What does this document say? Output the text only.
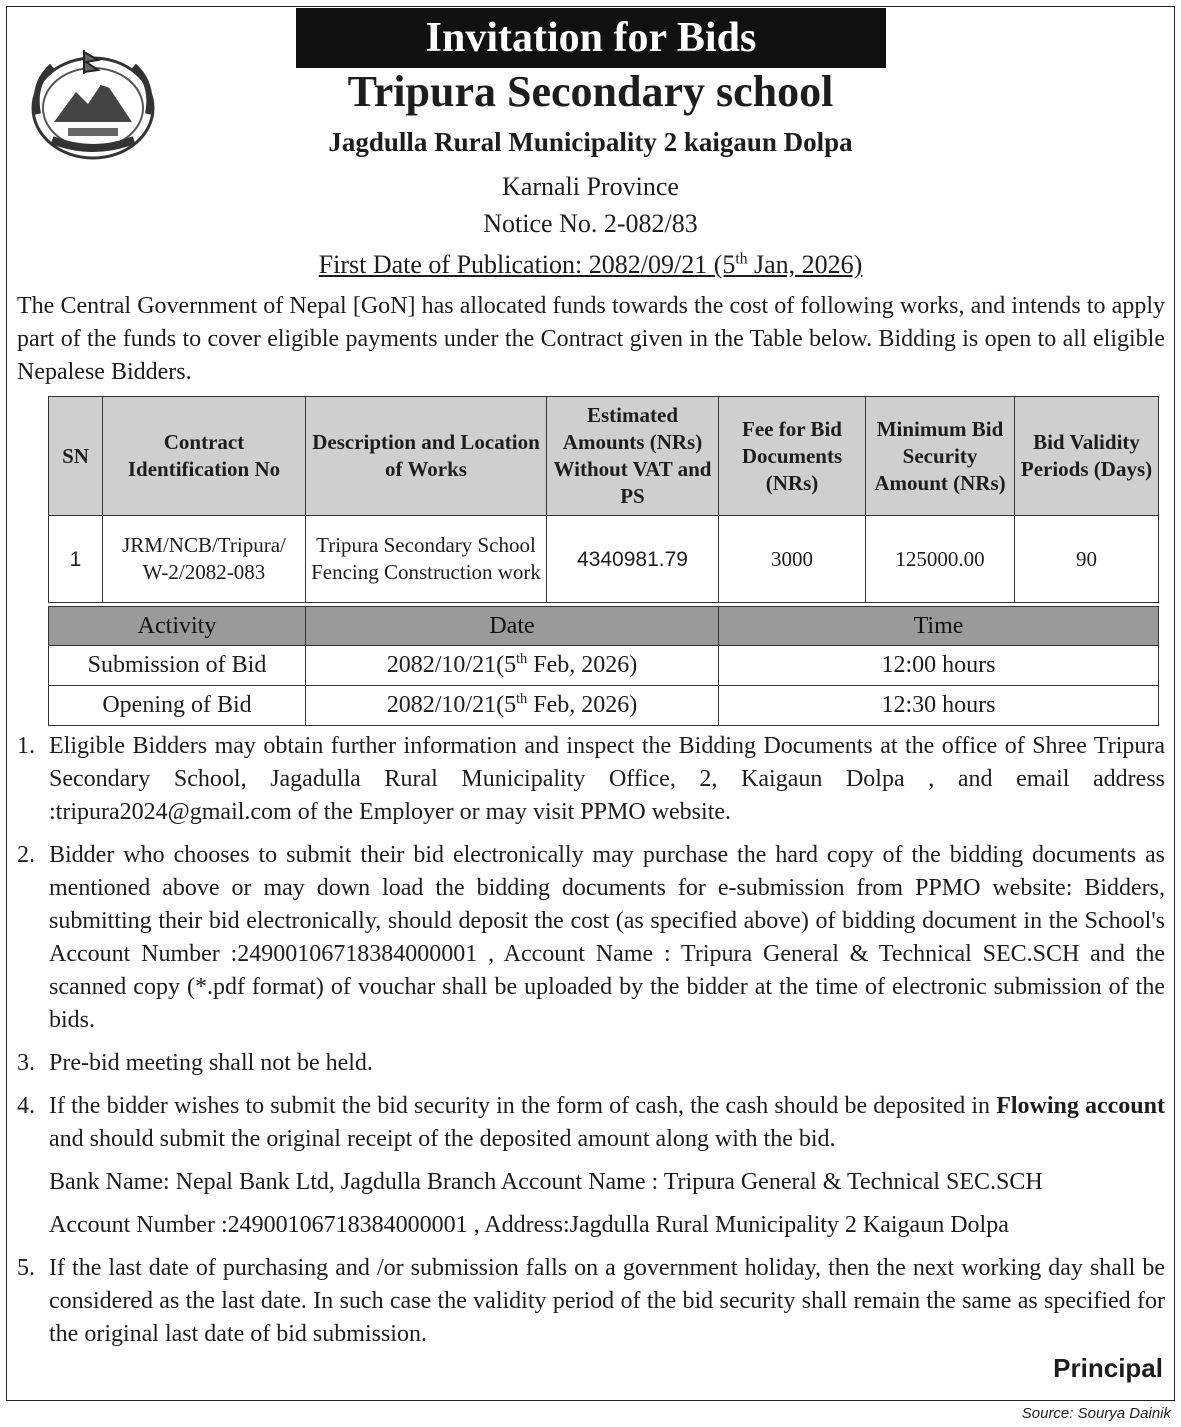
Invitation for Bids
Tripura Secondary school
Jagdulla Rural Municipality 2 kaigaun Dolpa
Karnali Province
Notice No. 2-082/83
First Date of Publication: 2082/09/21 (5th Jan, 2026)
The Central Government of Nepal [GoN] has allocated funds towards the cost of following works, and intends to apply part of the funds to cover eligible payments under the Contract given in the Table below. Bidding is open to all eligible Nepalese Bidders.
SN	Contract Identification No	Description and Location of Works	Estimated Amounts (NRs) Without VAT and PS	Fee for Bid Documents (NRs)	Minimum Bid Security Amount (NRs)	Bid Validity Periods (Days)
1	JRM/NCB/Tripura/ W-2/2082-083	Tripura Secondary School Fencing Construction work	4340981.79	3000	125000.00	90
Activity	Date	Time
Submission of Bid	2082/10/21(5th Feb, 2026)	12:00 hours
Opening of Bid	2082/10/21(5th Feb, 2026)	12:30 hours
1. Eligible Bidders may obtain further information and inspect the Bidding Documents at the office of Shree Tripura Secondary School, Jagadulla Rural Municipality Office, 2, Kaigaun Dolpa , and email address :tripura2024@gmail.com of the Employer or may visit PPMO website.
2. Bidder who chooses to submit their bid electronically may purchase the hard copy of the bidding documents as mentioned above or may down load the bidding documents for e-submission from PPMO website: Bidders, submitting their bid electronically, should deposit the cost (as specified above) of bidding document in the School's Account Number :24900106718384000001 , Account Name : Tripura General & Technical SEC.SCH and the scanned copy (*.pdf format) of vouchar shall be uploaded by the bidder at the time of electronic submission of the bids.
3. Pre-bid meeting shall not be held.
4. If the bidder wishes to submit the bid security in the form of cash, the cash should be deposited in Flowing account and should submit the original receipt of the deposited amount along with the bid.
Bank Name: Nepal Bank Ltd, Jagdulla Branch Account Name : Tripura General & Technical SEC.SCH
Account Number :24900106718384000001 , Address:Jagdulla Rural Municipality 2 Kaigaun Dolpa
5. If the last date of purchasing and /or submission falls on a government holiday, then the next working day shall be considered as the last date. In such case the validity period of the bid security shall remain the same as specified for the original last date of bid submission.
Principal
Source: Sourya Dainik
